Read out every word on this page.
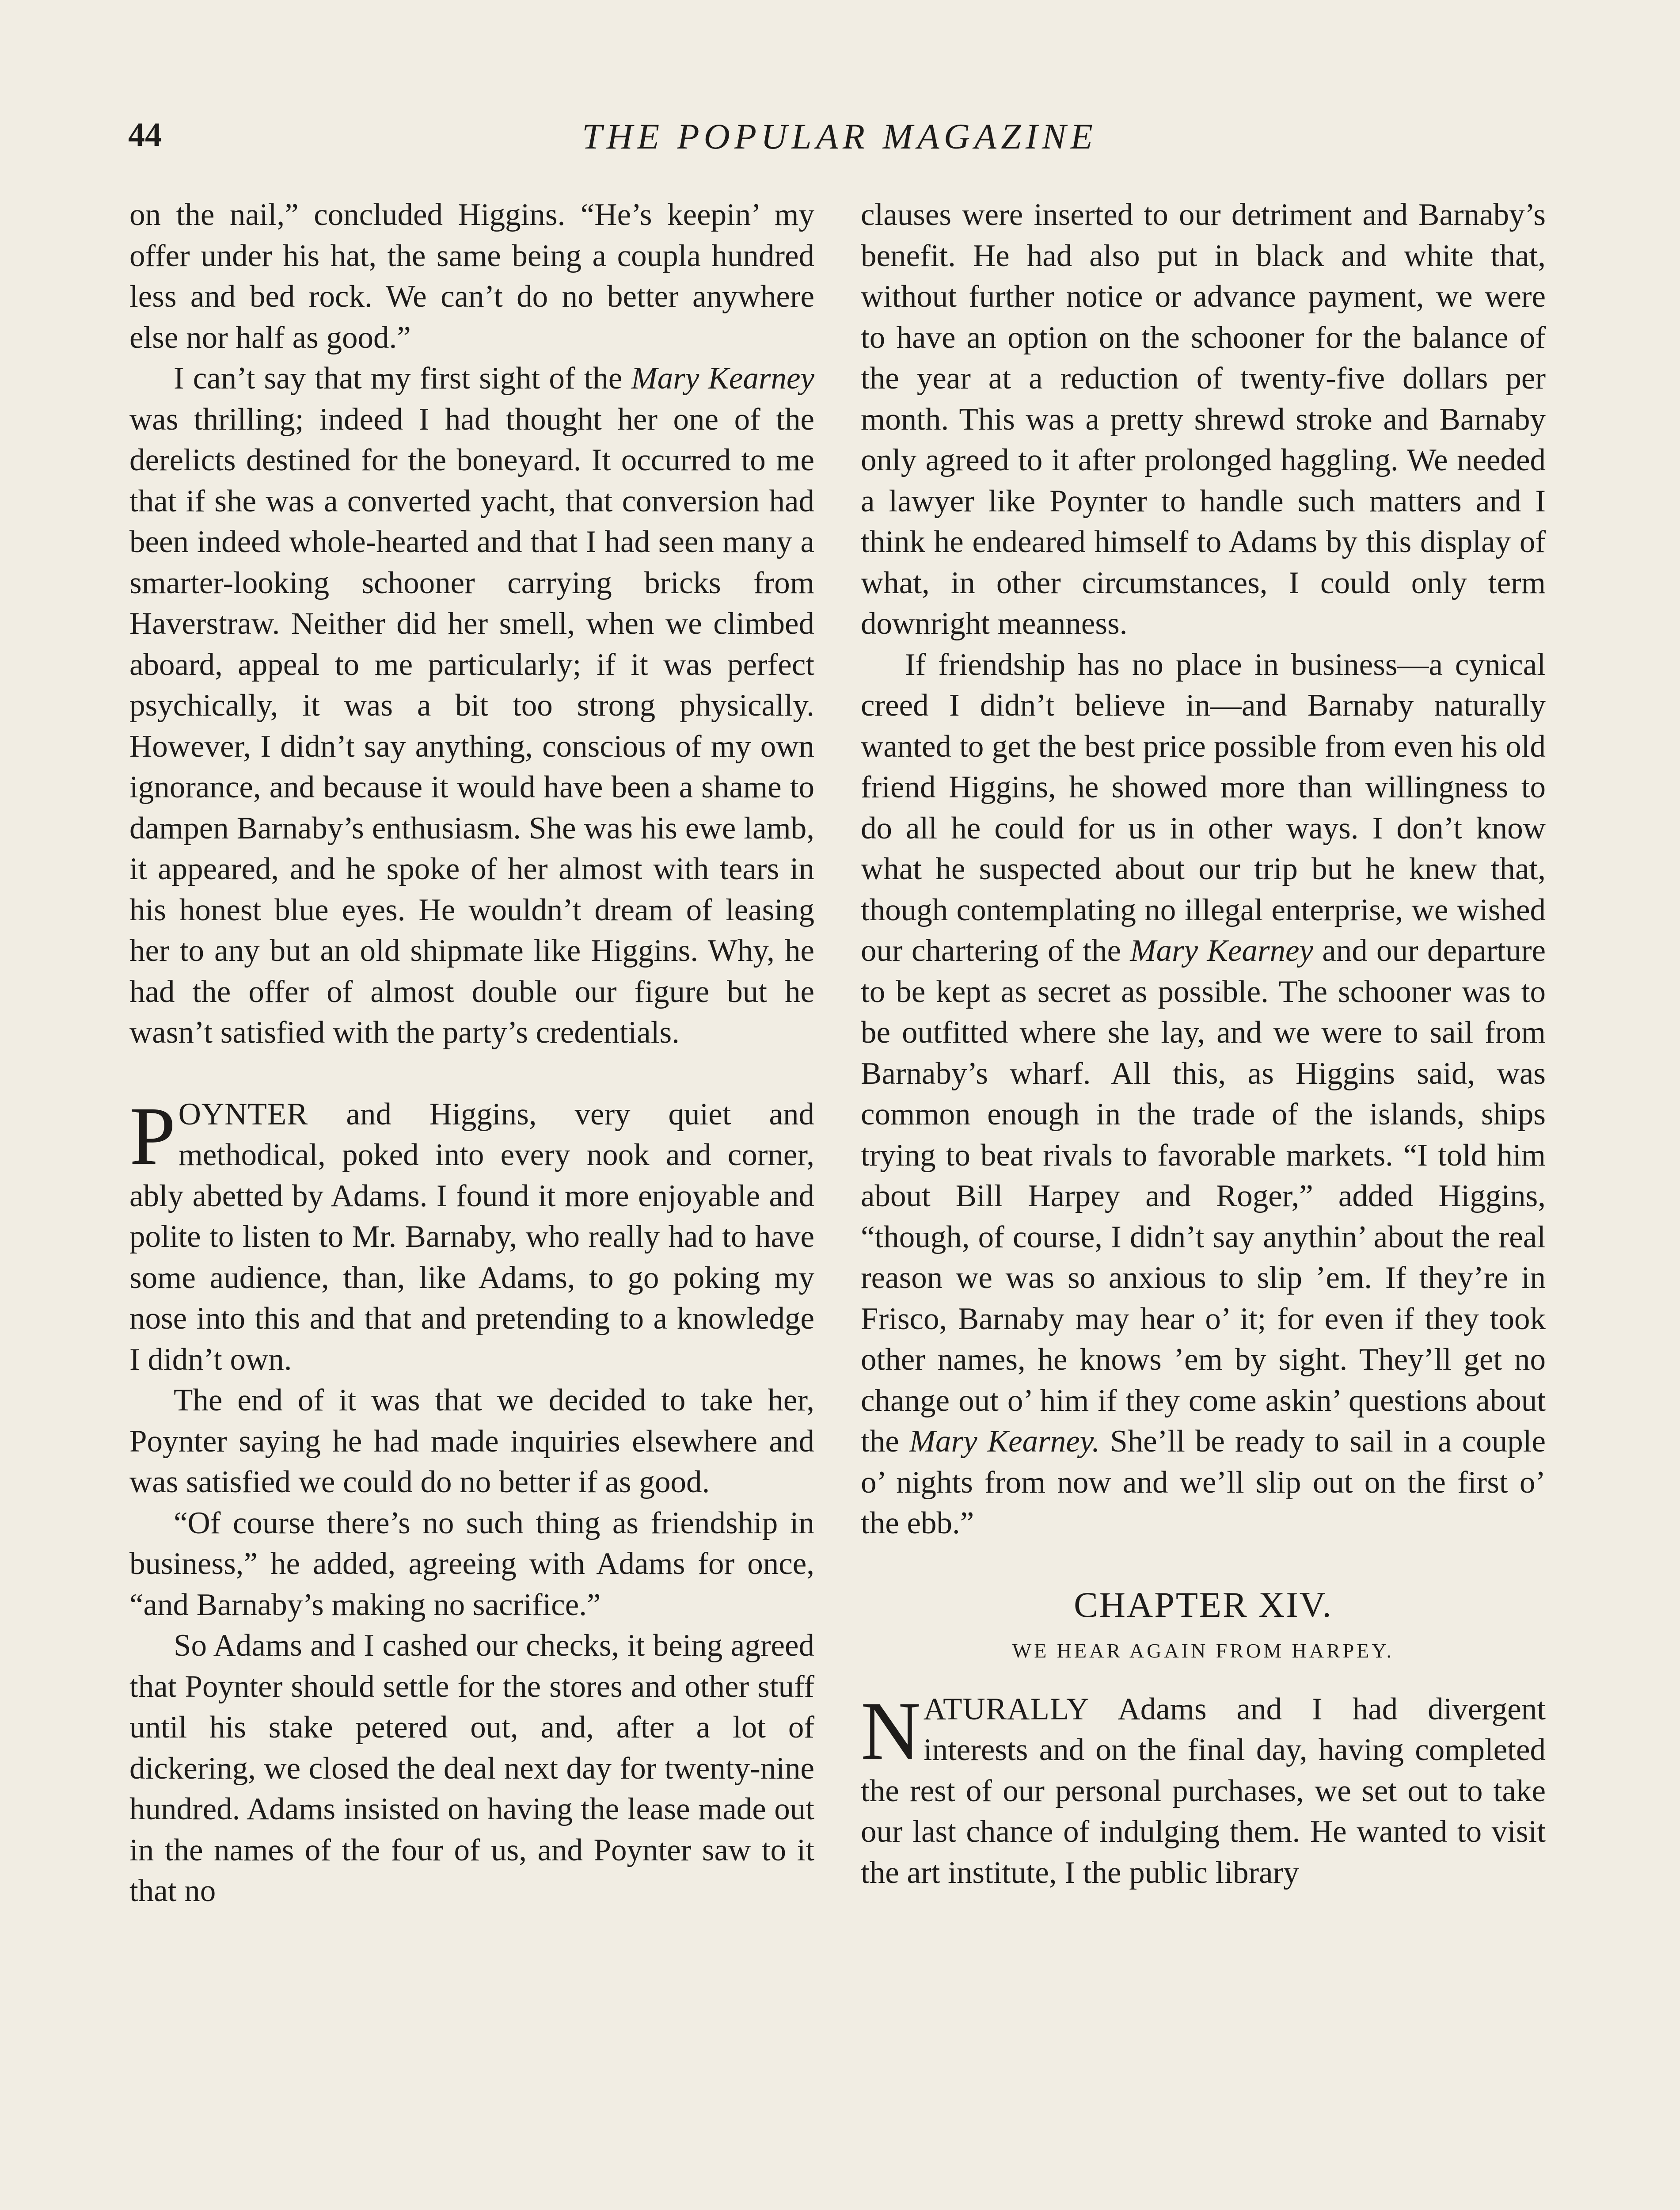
44	THE POPULAR MAGAZINE

on the nail,” concluded Higgins. “He’s keepin’ my offer under his hat, the same being a coupla hundred less and bed rock. We can’t do no better anywhere else nor half as good.”

I can’t say that my first sight of the Mary Kearney was thrilling; indeed I had thought her one of the derelicts destined for the boneyard. It occurred to me that if she was a converted yacht, that conversion had been indeed whole-hearted and that I had seen many a smarter-looking schooner carrying bricks from Haverstraw. Neither did her smell, when we climbed aboard, appeal to me particularly; if it was perfect psychically, it was a bit too strong physically. However, I didn’t say anything, conscious of my own ignorance, and because it would have been a shame to dampen Barnaby’s enthusiasm. She was his ewe lamb, it appeared, and he spoke of her almost with tears in his honest blue eyes. He wouldn’t dream of leasing her to any but an old shipmate like Higgins. Why, he had the offer of almost double our figure but he wasn’t satisfied with the party’s credentials.

POYNTER and Higgins, very quiet and methodical, poked into every nook and corner, ably abetted by Adams. I found it more enjoyable and polite to listen to Mr. Barnaby, who really had to have some audience, than, like Adams, to go poking my nose into this and that and pretending to a knowledge I didn’t own.

The end of it was that we decided to take her, Poynter saying he had made inquiries elsewhere and was satisfied we could do no better if as good.

“Of course there’s no such thing as friendship in business,” he added, agreeing with Adams for once, “and Barnaby’s making no sacrifice.”

So Adams and I cashed our checks, it being agreed that Poynter should settle for the stores and other stuff until his stake petered out, and, after a lot of dickering, we closed the deal next day for twenty-nine hundred. Adams insisted on having the lease made out in the names of the four of us, and Poynter saw to it that no

clauses were inserted to our detriment and Barnaby’s benefit. He had also put in black and white that, without further notice or advance payment, we were to have an option on the schooner for the balance of the year at a reduction of twenty-five dollars per month. This was a pretty shrewd stroke and Barnaby only agreed to it after prolonged haggling. We needed a lawyer like Poynter to handle such matters and I think he endeared himself to Adams by this display of what, in other circumstances, I could only term downright meanness.

If friendship has no place in business—a cynical creed I didn’t believe in—and Barnaby naturally wanted to get the best price possible from even his old friend Higgins, he showed more than willingness to do all he could for us in other ways. I don’t know what he suspected about our trip but he knew that, though contemplating no illegal enterprise, we wished our chartering of the Mary Kearney and our departure to be kept as secret as possible. The schooner was to be outfitted where she lay, and we were to sail from Barnaby’s wharf. All this, as Higgins said, was common enough in the trade of the islands, ships trying to beat rivals to favorable markets. “I told him about Bill Harpey and Roger,” added Higgins, “though, of course, I didn’t say anythin’ about the real reason we was so anxious to slip ’em. If they’re in Frisco, Barnaby may hear o’ it; for even if they took other names, he knows ’em by sight. They’ll get no change out o’ him if they come askin’ questions about the Mary Kearney. She’ll be ready to sail in a couple o’ nights from now and we’ll slip out on the first o’ the ebb.”

CHAPTER XIV.
WE HEAR AGAIN FROM HARPEY.

NATURALLY Adams and I had divergent interests and on the final day, having completed the rest of our personal purchases, we set out to take our last chance of indulging them. He wanted to visit the art institute, I the public library
